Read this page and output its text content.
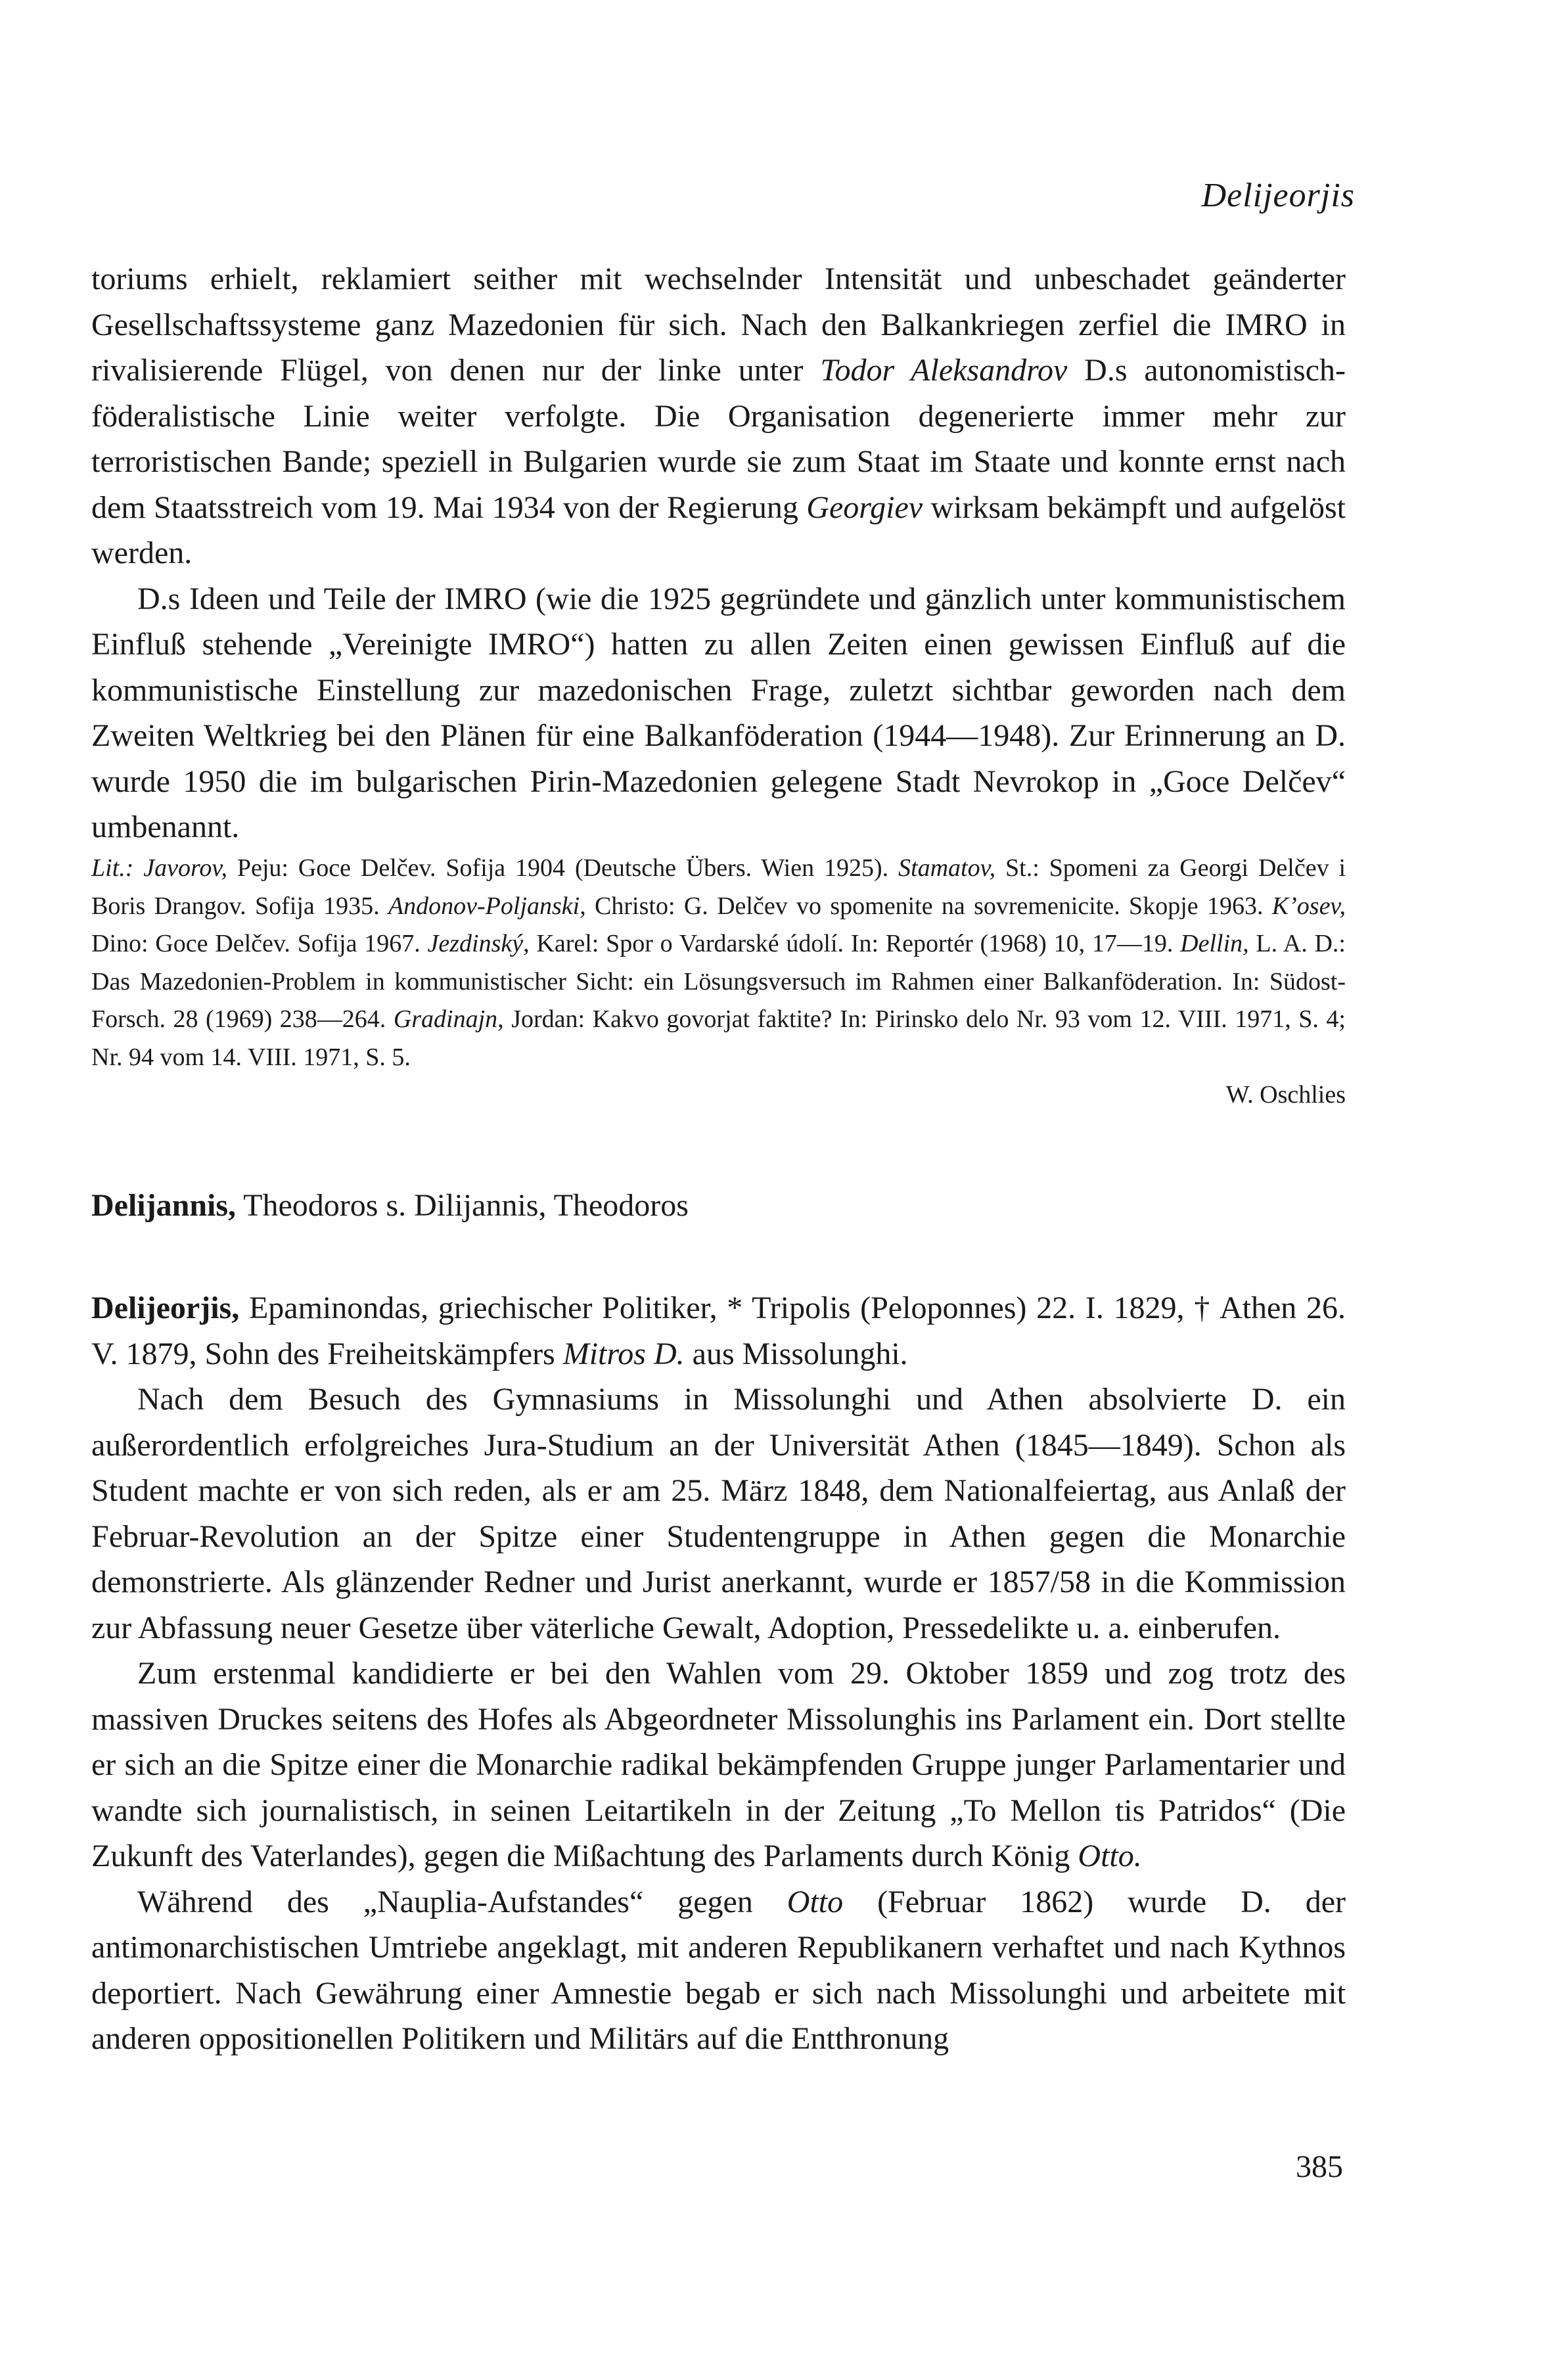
Delijeorjis

toriums erhielt, reklamiert seither mit wechselnder Intensität und unbeschadet geänderter Gesellschaftssysteme ganz Mazedonien für sich. Nach den Balkankriegen zerfiel die IMRO in rivalisierende Flügel, von denen nur der linke unter Todor Aleksandrov D.s autonomistisch-föderalistische Linie weiter verfolgte. Die Organisation degenerierte immer mehr zur terroristischen Bande; speziell in Bulgarien wurde sie zum Staat im Staate und konnte ernst nach dem Staatsstreich vom 19. Mai 1934 von der Regierung Georgiev wirksam bekämpft und aufgelöst werden.

D.s Ideen und Teile der IMRO (wie die 1925 gegründete und gänzlich unter kommunistischem Einfluß stehende „Vereinigte IMRO“) hatten zu allen Zeiten einen gewissen Einfluß auf die kommunistische Einstellung zur mazedonischen Frage, zuletzt sichtbar geworden nach dem Zweiten Weltkrieg bei den Plänen für eine Balkanföderation (1944—1948). Zur Erinnerung an D. wurde 1950 die im bulgarischen Pirin-Mazedonien gelegene Stadt Nevrokop in „Goce Delčev“ umbenannt.

Lit.: Javorov, Peju: Goce Delčev. Sofija 1904 (Deutsche Übers. Wien 1925). Stamatov, St.: Spomeni za Georgi Delčev i Boris Drangov. Sofija 1935. Andonov-Poljanski, Christo: G. Delčev vo spomenite na sovremenicite. Skopje 1963. K’osev, Dino: Goce Delčev. Sofija 1967. Jezdinský, Karel: Spor o Vardarské údolí. In: Reportér (1968) 10, 17—19. Dellin, L. A. D.: Das Mazedonien-Problem in kommunistischer Sicht: ein Lösungsversuch im Rahmen einer Balkanföderation. In: Südost-Forsch. 28 (1969) 238—264. Gradinajn, Jordan: Kakvo govorjat faktite? In: Pirinsko delo Nr. 93 vom 12. VIII. 1971, S. 4; Nr. 94 vom 14. VIII. 1971, S. 5.

W. Oschlies

Delijannis, Theodoros s. Dilijannis, Theodoros

Delijeorjis, Epaminondas, griechischer Politiker, * Tripolis (Peloponnes) 22. I. 1829, † Athen 26. V. 1879, Sohn des Freiheitskämpfers Mitros D. aus Missolunghi.

Nach dem Besuch des Gymnasiums in Missolunghi und Athen absolvierte D. ein außerordentlich erfolgreiches Jura-Studium an der Universität Athen (1845—1849). Schon als Student machte er von sich reden, als er am 25. März 1848, dem Nationalfeiertag, aus Anlaß der Februar-Revolution an der Spitze einer Studentengruppe in Athen gegen die Monarchie demonstrierte. Als glänzender Redner und Jurist anerkannt, wurde er 1857/58 in die Kommission zur Abfassung neuer Gesetze über väterliche Gewalt, Adoption, Pressedelikte u. a. einberufen.

Zum erstenmal kandidierte er bei den Wahlen vom 29. Oktober 1859 und zog trotz des massiven Druckes seitens des Hofes als Abgeordneter Missolunghis ins Parlament ein. Dort stellte er sich an die Spitze einer die Monarchie radikal bekämpfenden Gruppe junger Parlamentarier und wandte sich journalistisch, in seinen Leitartikeln in der Zeitung „To Mellon tis Patridos“ (Die Zukunft des Vaterlandes), gegen die Mißachtung des Parlaments durch König Otto.

Während des „Nauplia-Aufstandes“ gegen Otto (Februar 1862) wurde D. der antimonarchistischen Umtriebe angeklagt, mit anderen Republikanern verhaftet und nach Kythnos deportiert. Nach Gewährung einer Amnestie begab er sich nach Missolunghi und arbeitete mit anderen oppositionellen Politikern und Militärs auf die Entthronung

385
